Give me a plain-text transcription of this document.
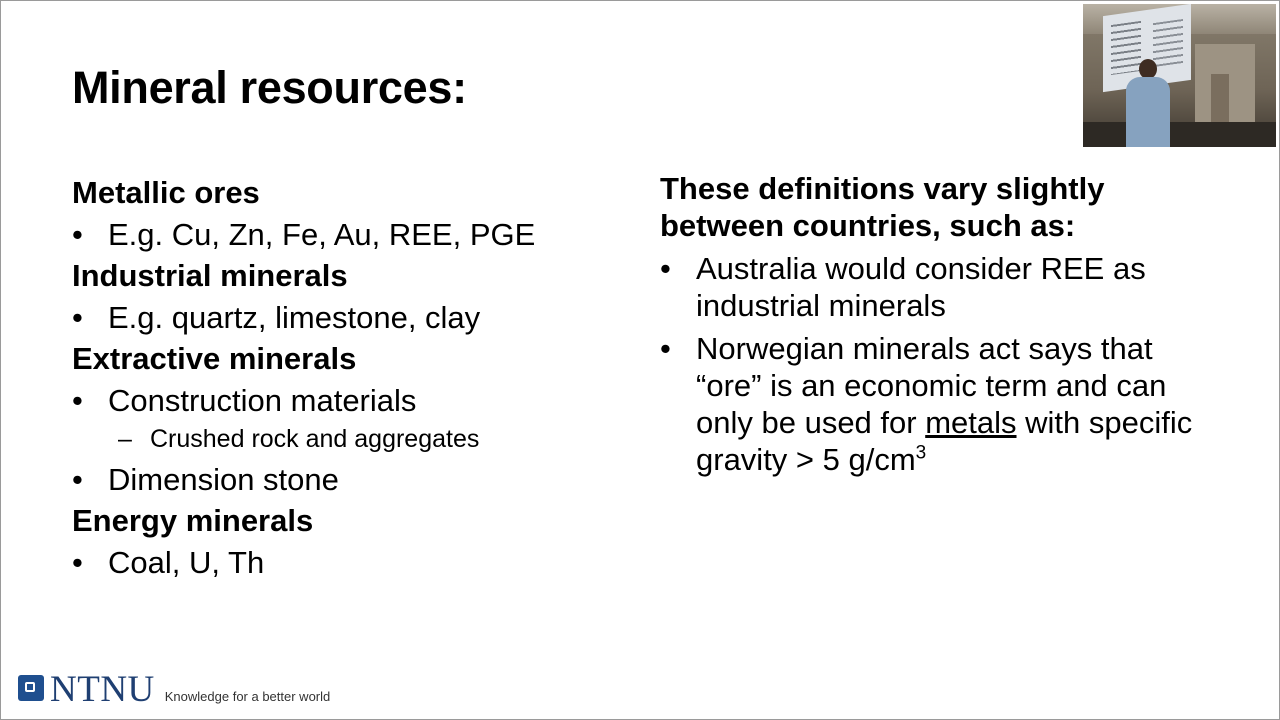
Mineral resources:

Metallic ores

• E.g. Cu, Zn, Fe, Au, REE, PGE

Industrial minerals

• E.g. quartz, limestone, clay

Extractive minerals

• Construction materials

– Crushed rock and aggregates

• Dimension stone

Energy minerals

• Coal, U, Th

These definitions vary slightly between countries, such as:

• Australia would consider REE as industrial minerals

• Norwegian minerals act says that “ore” is an economic term and can only be used for metals with specific gravity > 5 $g/cm^3$

NTNU Knowledge for a better world
